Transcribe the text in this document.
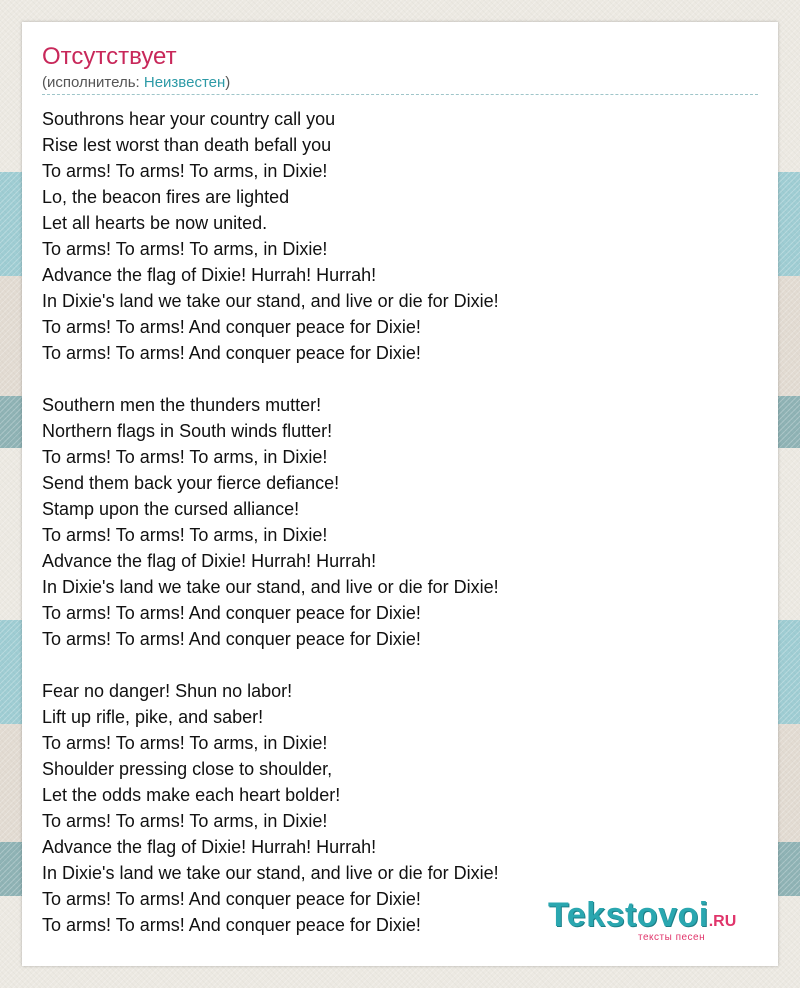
Отсутствует
(исполнитель: Неизвестен)
Southrons hear your country call you
Rise lest worst than death befall you
To arms! To arms! To arms, in Dixie!
Lo, the beacon fires are lighted
Let all hearts be now united.
To arms! To arms! To arms, in Dixie!
Advance the flag of Dixie! Hurrah! Hurrah!
In Dixie's land we take our stand, and live or die for Dixie!
To arms! To arms! And conquer peace for Dixie!
To arms! To arms! And conquer peace for Dixie!
Southern men the thunders mutter!
Northern flags in South winds flutter!
To arms! To arms! To arms, in Dixie!
Send them back your fierce defiance!
Stamp upon the cursed alliance!
To arms! To arms! To arms, in Dixie!
Advance the flag of Dixie! Hurrah! Hurrah!
In Dixie's land we take our stand, and live or die for Dixie!
To arms! To arms! And conquer peace for Dixie!
To arms! To arms! And conquer peace for Dixie!
Fear no danger! Shun no labor!
Lift up rifle, pike, and saber!
To arms! To arms! To arms, in Dixie!
Shoulder pressing close to shoulder,
Let the odds make each heart bolder!
To arms! To arms! To arms, in Dixie!
Advance the flag of Dixie! Hurrah! Hurrah!
In Dixie's land we take our stand, and live or die for Dixie!
To arms! To arms! And conquer peace for Dixie!
To arms! To arms! And conquer peace for Dixie!	Tekstovoi.RU
тексты песен
